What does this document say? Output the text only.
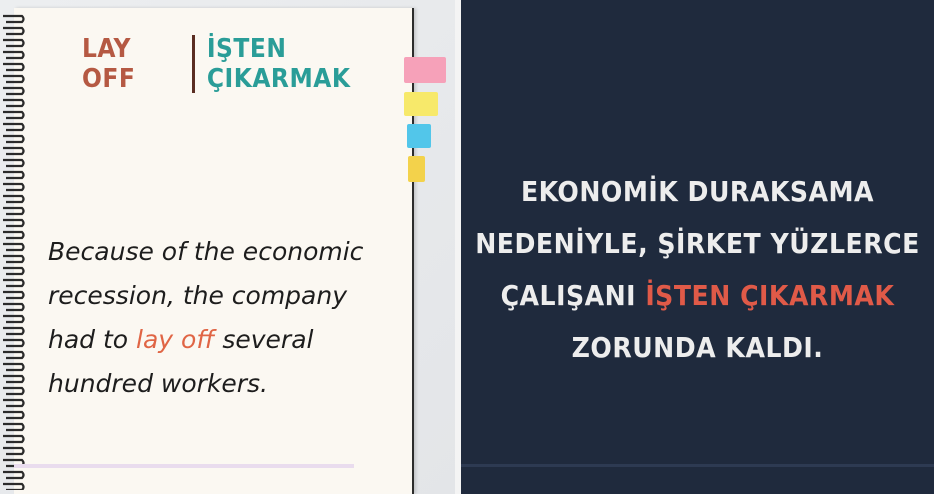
LAY OFF
İŞTEN ÇIKARMAK
Because of the economic recession, the company had to lay off several hundred workers.
EKONOMİK DURAKSAMA NEDENİYLE, ŞİRKET YÜZLERCE ÇALIŞANI İŞTEN ÇIKARMAK ZORUNDA KALDI.
